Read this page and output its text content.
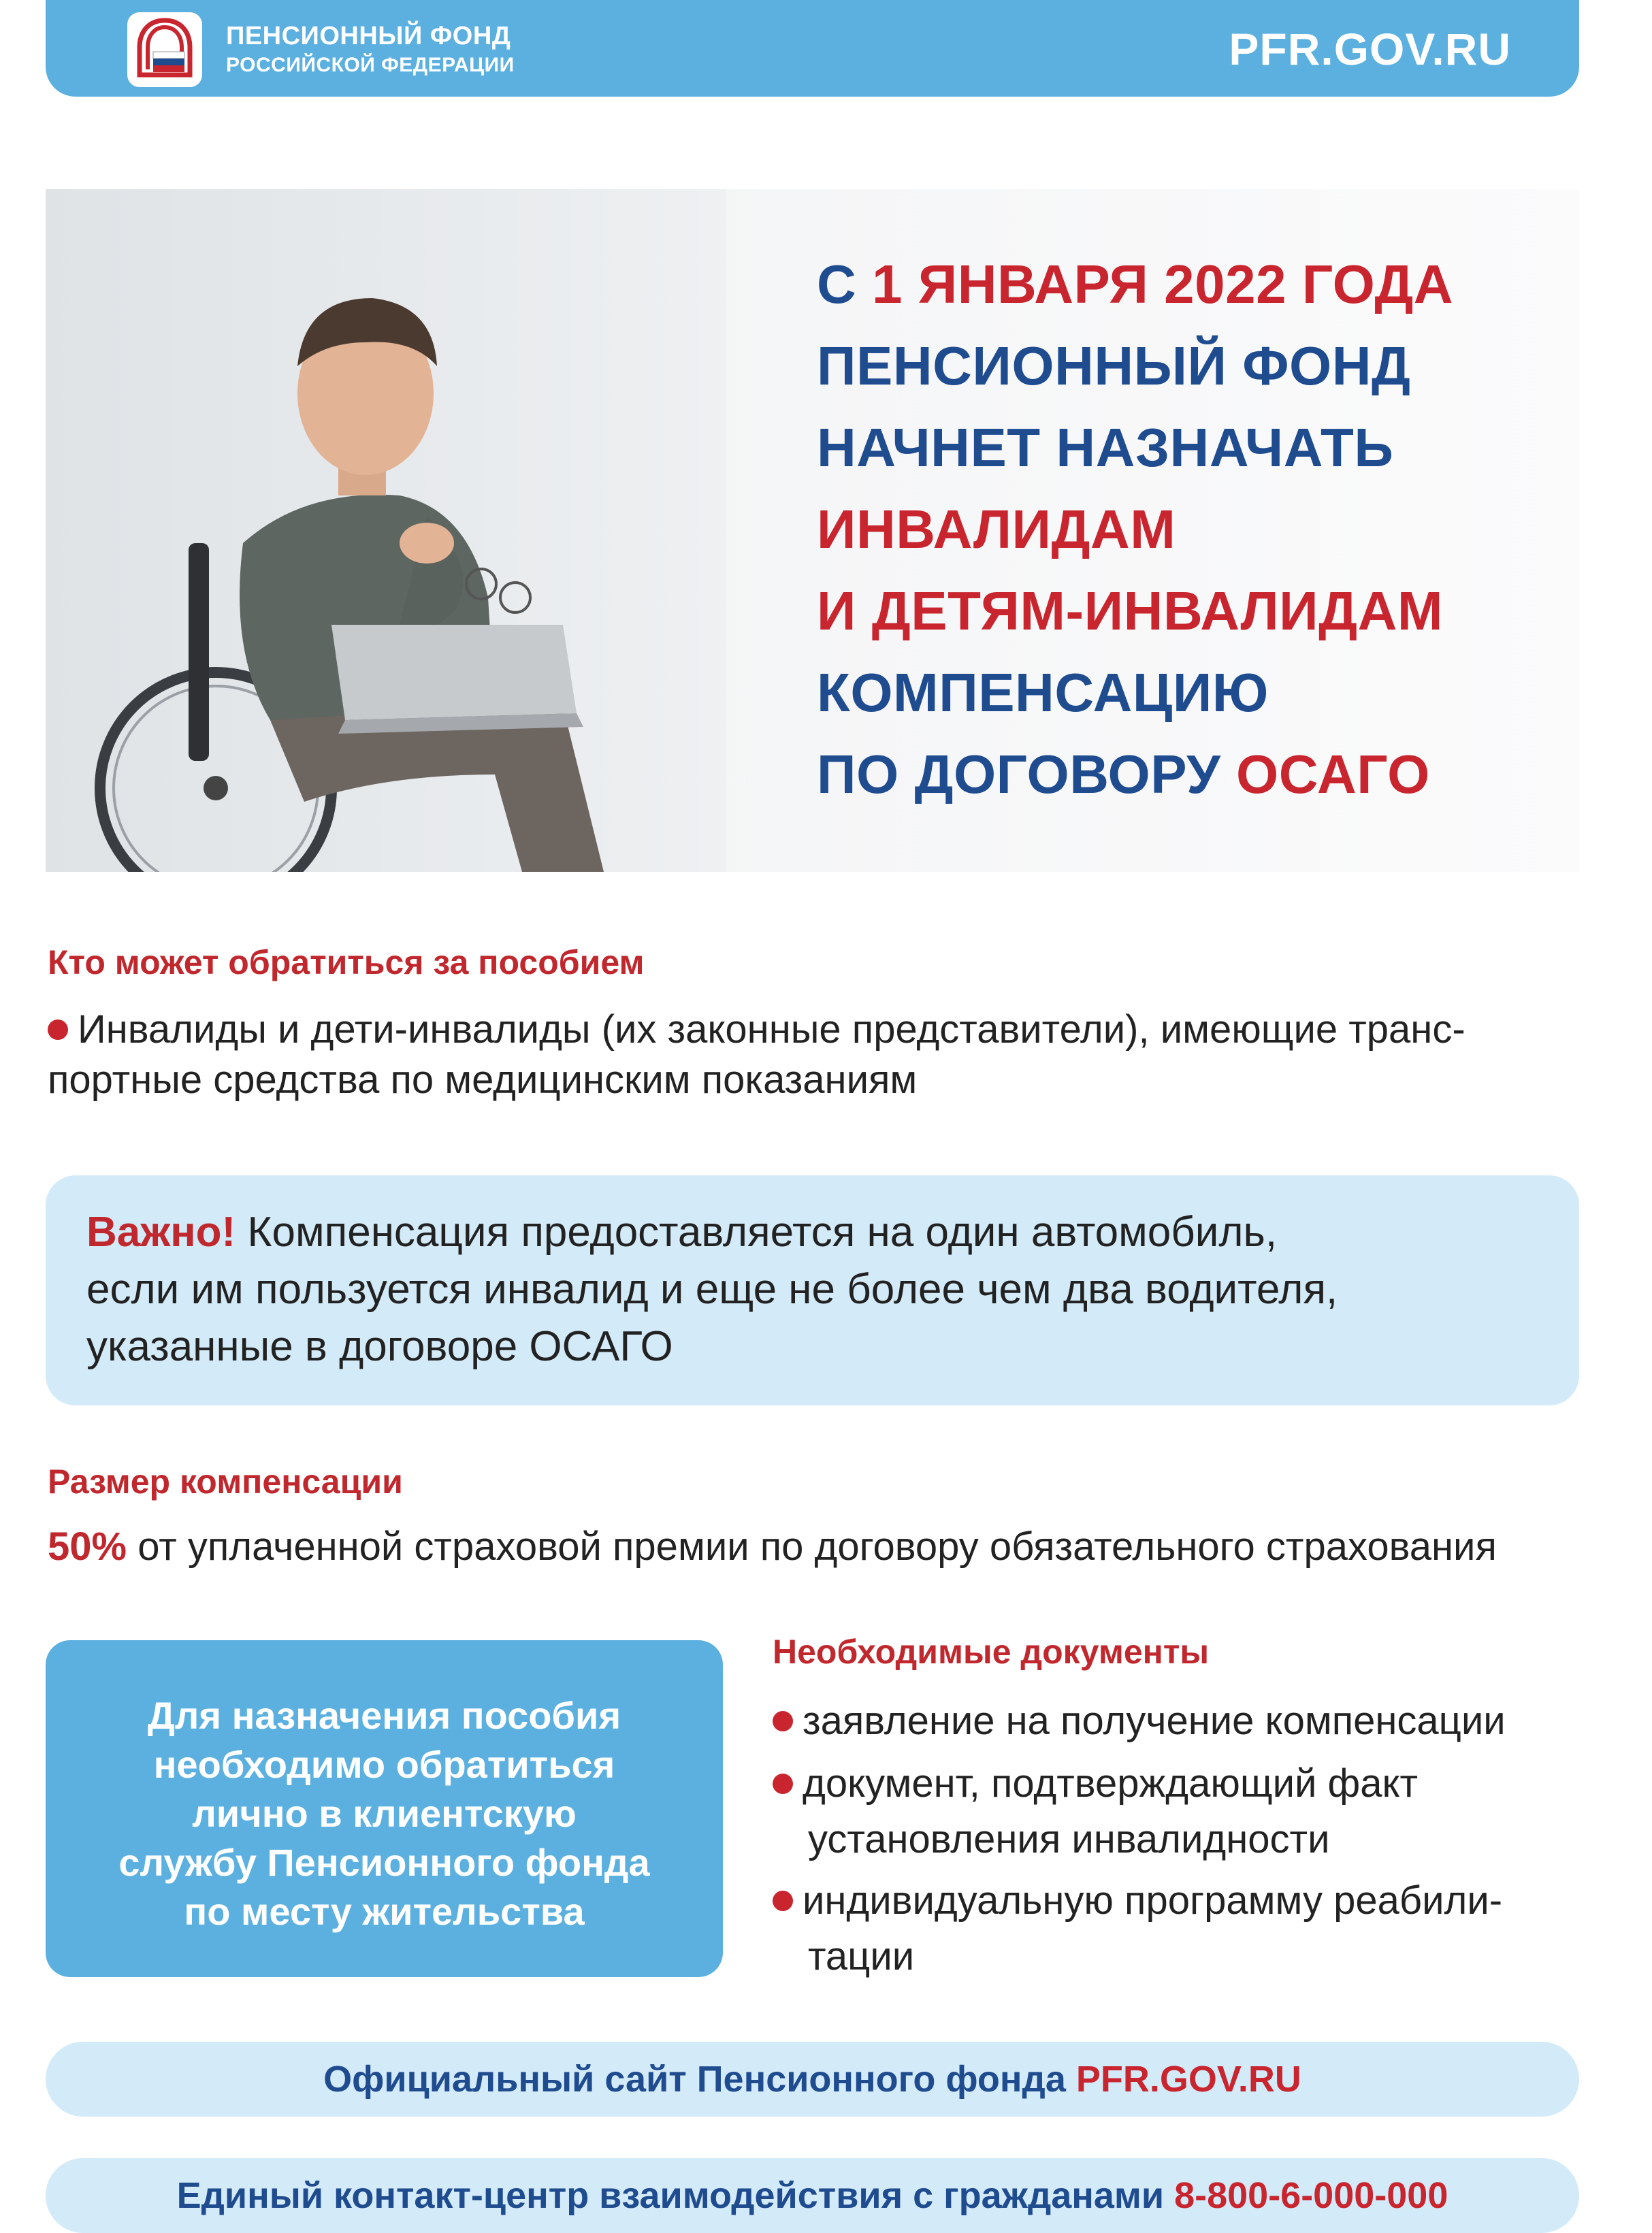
ПЕНСИОННЫЙ ФОНД
РОССИЙСКОЙ ФЕДЕРАЦИИ	PFR.GOV.RU
С 1 ЯНВАРЯ 2022 ГОДА
ПЕНСИОННЫЙ ФОНД
НАЧНЕТ НАЗНАЧАТЬ
ИНВАЛИДАМ
И ДЕТЯМ-ИНВАЛИДАМ
КОМПЕНСАЦИЮ
ПО ДОГОВОРУ ОСАГО
Кто может обратиться за пособием
Инвалиды и дети-инвалиды (их законные представители), имеющие транс-
портные средства по медицинским показаниям
Важно! Компенсация предоставляется на один автомобиль,
если им пользуется инвалид и еще не более чем два водителя,
указанные в договоре ОСАГО
Размер компенсации
50% от уплаченной страховой премии по договору обязательного страхования
Для назначения пособия
необходимо обратиться
лично в клиентскую
службу Пенсионного фонда
по месту жительства
Необходимые документы
заявление на получение компенсации
документ, подтверждающий факт
установления инвалидности
индивидуальную программу реабили-
тации
Официальный сайт Пенсионного фонда PFR.GOV.RU
Единый контакт-центр взаимодействия с гражданами 8-800-6-000-000
